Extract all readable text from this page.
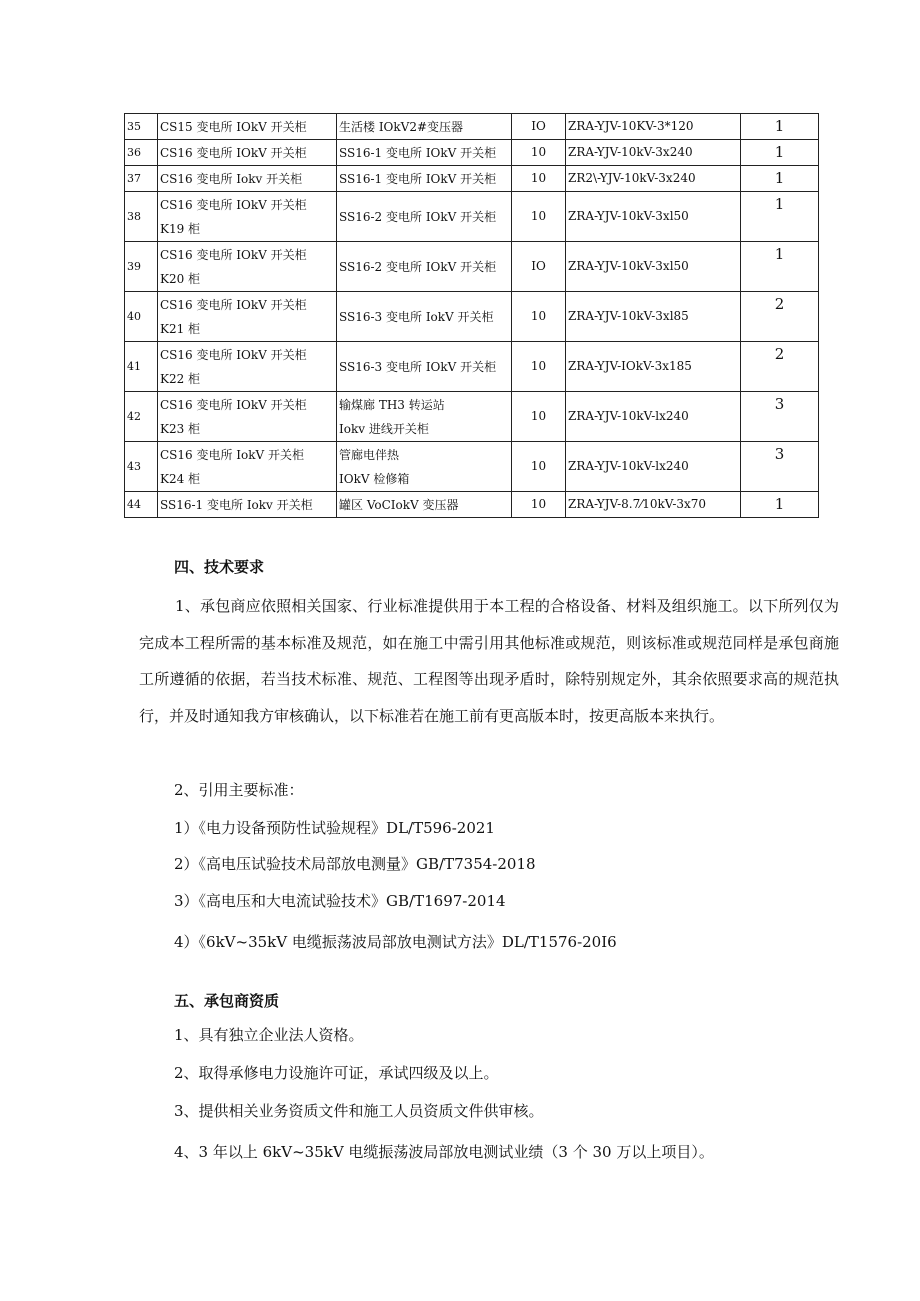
35	CS15 变电所 IOkV 开关柜	生活楼 IOkV2#变压器	IO	ZRA-YJV-10KV-3*120	1
36	CS16 变电所 IOkV 开关柜	SS16-1 变电所 IOkV 开关柜	10	ZRA-YJV-10kV-3x240	1
37	CS16 变电所 Iokv 开关柜	SS16-1 变电所 IOkV 开关柜	10	ZR2\-YJV-10kV-3x240	1
38	CS16 变电所 IOkV 开关柜
K19 柜	SS16-2 变电所 IOkV 开关柜	10	ZRA-YJV-10kV-3xl50	1
39	CS16 变电所 IOkV 开关柜
K20 柜	SS16-2 变电所 IOkV 开关柜	IO	ZRA-YJV-10kV-3xl50	1
40	CS16 变电所 IOkV 开关柜
K21 柜	SS16-3 变电所 IokV 开关柜	10	ZRA-YJV-10kV-3xl85	2
41	CS16 变电所 IOkV 开关柜
K22 柜	SS16-3 变电所 IOkV 开关柜	10	ZRA-YJV-IOkV-3x185	2
42	CS16 变电所 IOkV 开关柜
K23 柜	输煤廊 TH3 转运站
Iokv 进线开关柜	10	ZRA-YJV-10kV-lx240	3
43	CS16 变电所 IokV 开关柜
K24 柜	管廊电伴热
IOkV 检修箱	10	ZRA-YJV-10kV-lx240	3
44	SS16-1 变电所 Iokv 开关柜	罐区 VoCIokV 变压器	10	ZRA-YJV-8.7⁄10kV-3x70	1
四、技术要求

1、承包商应依照相关国家、行业标准提供用于本工程的合格设备、材料及组织施工。以下所列仅为完成本工程所需的基本标准及规范，如在施工中需引用其他标准或规范，则该标准或规范同样是承包商施工所遵循的依据，若当技术标准、规范、工程图等出现矛盾时，除特别规定外，其余依照要求高的规范执行，并及时通知我方审核确认，以下标准若在施工前有更高版本时，按更高版本来执行。

2、引用主要标准：
1）《电力设备预防性试验规程》DL/T596-2021
2）《高电压试验技术局部放电测量》GB/T7354-2018
3）《高电压和大电流试验技术》GB/T1697-2014
4）《6kV~35kV 电缆振荡波局部放电测试方法》DL/T1576-20I6
五、承包商资质
1、具有独立企业法人资格。
2、取得承修电力设施许可证，承试四级及以上。
3、提供相关业务资质文件和施工人员资质文件供审核。
4、3 年以上 6kV~35kV 电缆振荡波局部放电测试业绩（3 个 30 万以上项目）。
